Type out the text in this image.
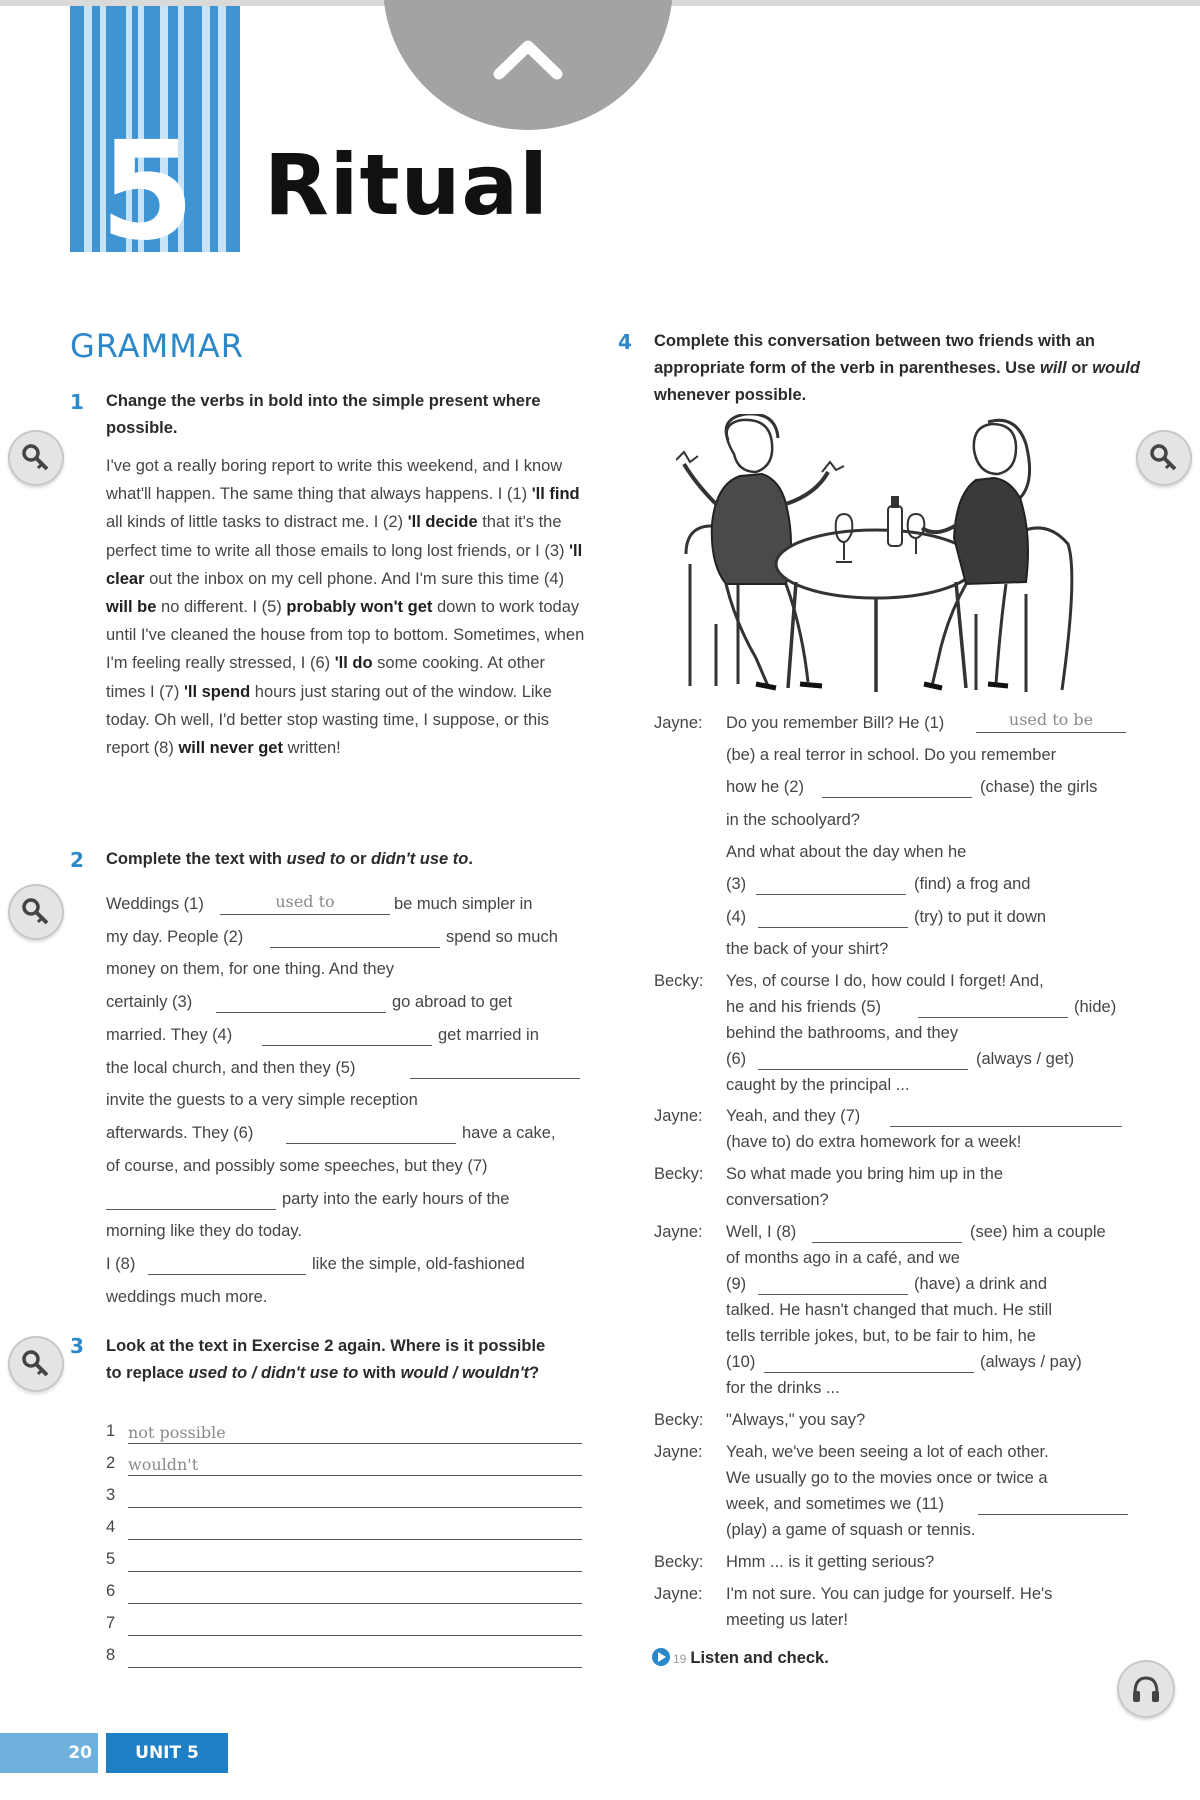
5 Ritual
GRAMMAR
1 Change the verbs in bold into the simple present where possible.
I've got a really boring report to write this weekend, and I know what'll happen. The same thing that always happens. I (1) 'll find all kinds of little tasks to distract me. I (2) 'll decide that it's the perfect time to write all those emails to long lost friends, or I (3) 'll clear out the inbox on my cell phone. And I'm sure this time (4) will be no different. I (5) probably won't get down to work today until I've cleaned the house from top to bottom. Sometimes, when I'm feeling really stressed, I (6) 'll do some cooking. At other times I (7) 'll spend hours just staring out of the window. Like today. Oh well, I'd better stop wasting time, I suppose, or this report (8) will never get written!
2 Complete the text with used to or didn't use to.
Weddings (1)	used to	be much simpler in
my day. People (2)	spend so much
money on them, for one thing. And they
certainly (3)	go abroad to get
married. They (4)	get married in
the local church, and then they (5)
invite the guests to a very simple reception
afterwards. They (6)	have a cake,
of course, and possibly some speeches, but they (7)
party into the early hours of the
morning like they do today.
I (8)	like the simple, old-fashioned
weddings much more.
3 Look at the text in Exercise 2 again. Where is it possible to replace used to / didn't use to with would / wouldn't?
1 not possible
2 wouldn't
3
4
5
6
7
8
4 Complete this conversation between two friends with an appropriate form of the verb in parentheses. Use will or would whenever possible.
Jayne:	Do you remember Bill? He (1)	used to be
(be) a real terror in school. Do you remember
how he (2)	(chase) the girls
in the schoolyard?
And what about the day when he
(3)	(find) a frog and
(4)	(try) to put it down
the back of your shirt?
Becky: Yes, of course I do, how could I forget! And,
he and his friends (5)	(hide)
behind the bathrooms, and they
(6)	(always / get)
caught by the principal ...
Jayne: Yeah, and they (7)
(have to) do extra homework for a week!
Becky: So what made you bring him up in the
conversation?
Jayne: Well, I (8)	(see) him a couple
of months ago in a café, and we
(9)	(have) a drink and
talked. He hasn't changed that much. He still
tells terrible jokes, but, to be fair to him, he
(10)	(always / pay)
for the drinks ...
Becky: "Always," you say?
Jayne: Yeah, we've been seeing a lot of each other.
We usually go to the movies once or twice a
week, and sometimes we (11)
(play) a game of squash or tennis.
Becky: Hmm ... is it getting serious?
Jayne: I'm not sure. You can judge for yourself. He's
meeting us later!
19 Listen and check.
20	UNIT 5
